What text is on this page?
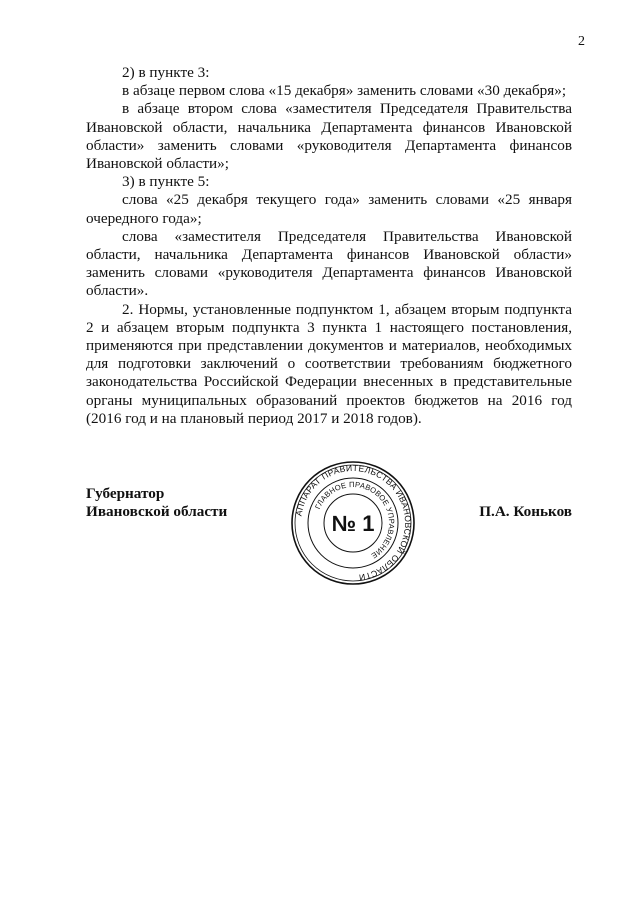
2

2) в пункте 3:

в абзаце первом слова «15 декабря» заменить словами «30 декабря»;

в абзаце втором слова «заместителя Председателя Правительства Ивановской области, начальника Департамента финансов Ивановской области» заменить словами «руководителя Департамента финансов Ивановской области»;

3) в пункте 5:

слова «25 декабря текущего года» заменить словами «25 января очередного года»;

слова «заместителя Председателя Правительства Ивановской области, начальника Департамента финансов Ивановской области» заменить словами «руководителя Департамента финансов Ивановской области».

2. Нормы, установленные подпунктом 1, абзацем вторым подпункта 2 и абзацем вторым подпункта 3 пункта 1 настоящего постановления, применяются при представлении документов и материалов, необходимых для подготовки заключений о соответствии требованиям бюджетного законодательства Российской Федерации внесенных в представительные органы муниципальных образований проектов бюджетов на 2016 год (2016 год и на плановый период 2017 и 2018 годов).

Губернатор
Ивановской области	П.А. Коньков
АППАРАТ ПРАВИТЕЛЬСТВА ИВАНОВСКОЙ ОБЛАСТИ
ГЛАВНОЕ ПРАВОВОЕ УПРАВЛЕНИЕ
№ 1
